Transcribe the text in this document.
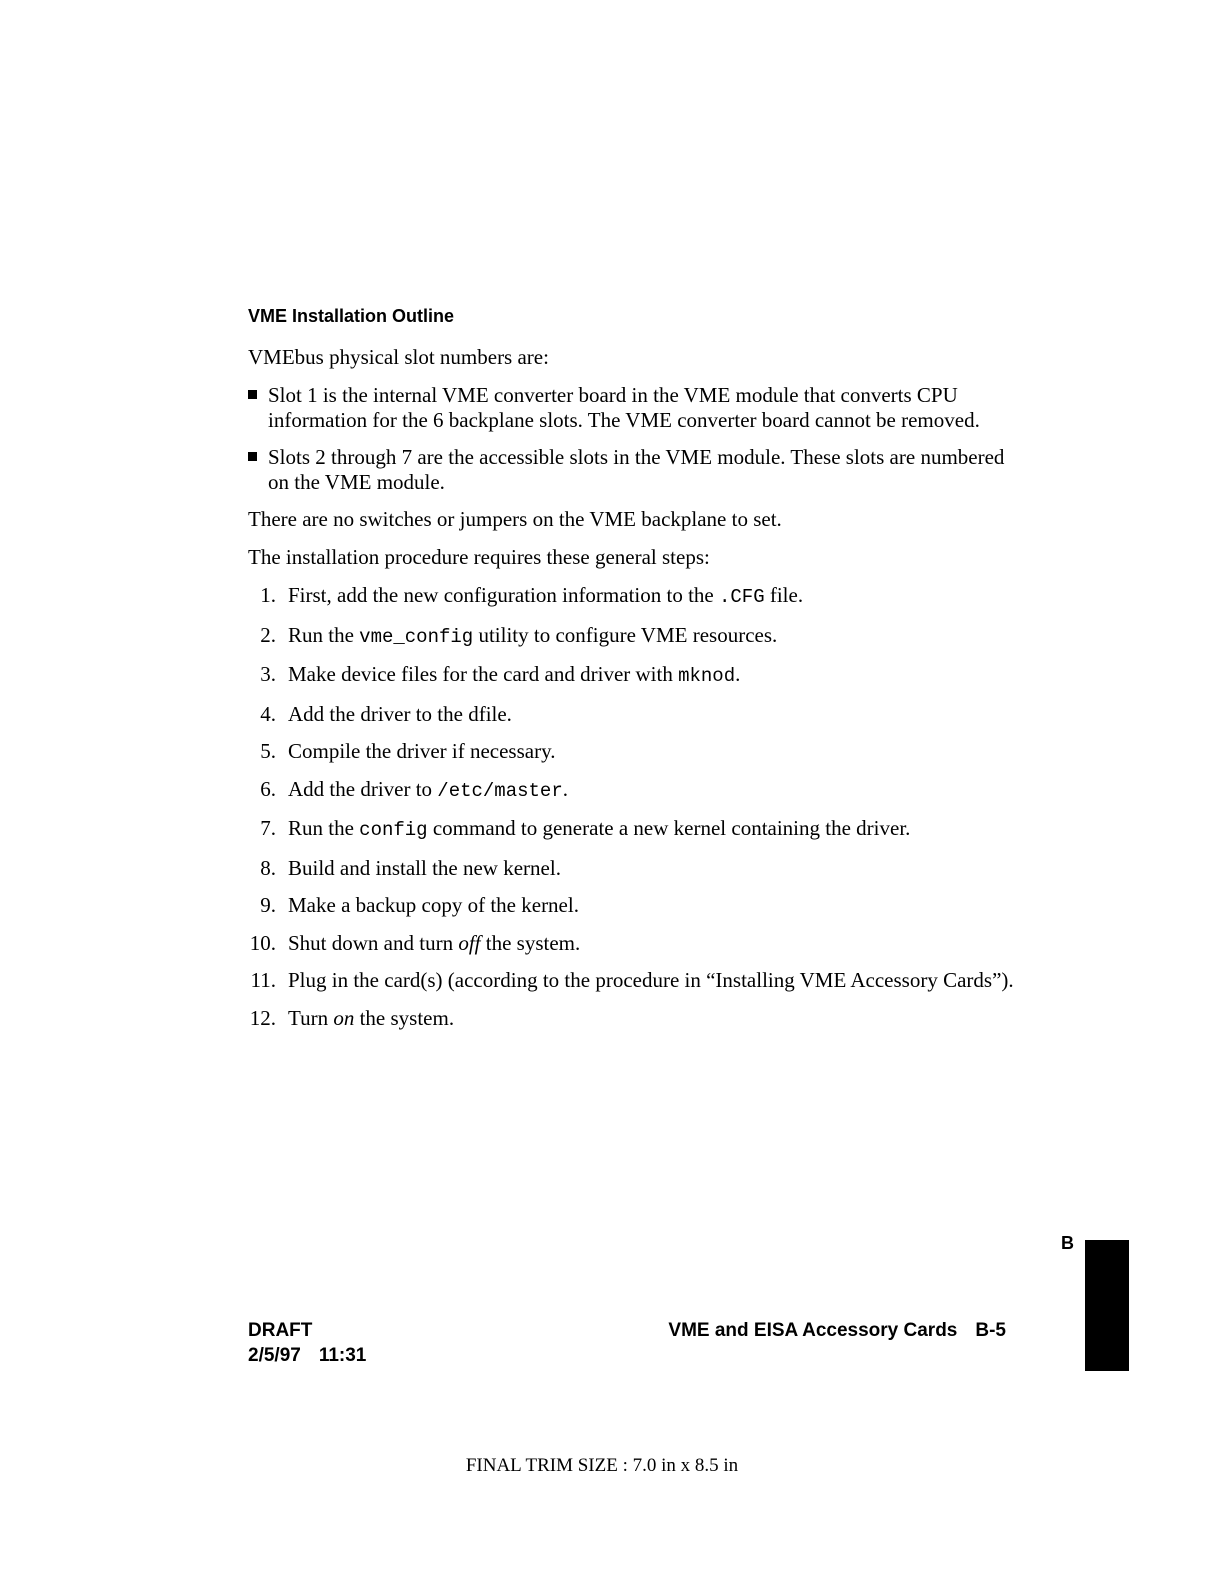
VME Installation Outline

VMEbus physical slot numbers are:

Slot 1 is the internal VME converter board in the VME module that converts CPU information for the 6 backplane slots. The VME converter board cannot be removed.
Slots 2 through 7 are the accessible slots in the VME module. These slots are numbered on the VME module.

There are no switches or jumpers on the VME backplane to set.

The installation procedure requires these general steps:

1. First, add the new configuration information to the .CFG file.
2. Run the vme_config utility to configure VME resources.
3. Make device files for the card and driver with mknod.
4. Add the driver to the dfile.
5. Compile the driver if necessary.
6. Add the driver to /etc/master.
7. Run the config command to generate a new kernel containing the driver.
8. Build and install the new kernel.
9. Make a backup copy of the kernel.
10. Shut down and turn off the system.
11. Plug in the card(s) (according to the procedure in “Installing VME Accessory Cards”).
12. Turn on the system.
B
DRAFT
2/5/97 11:31
VME and EISA Accessory Cards B-5
FINAL TRIM SIZE : 7.0 in x 8.5 in
